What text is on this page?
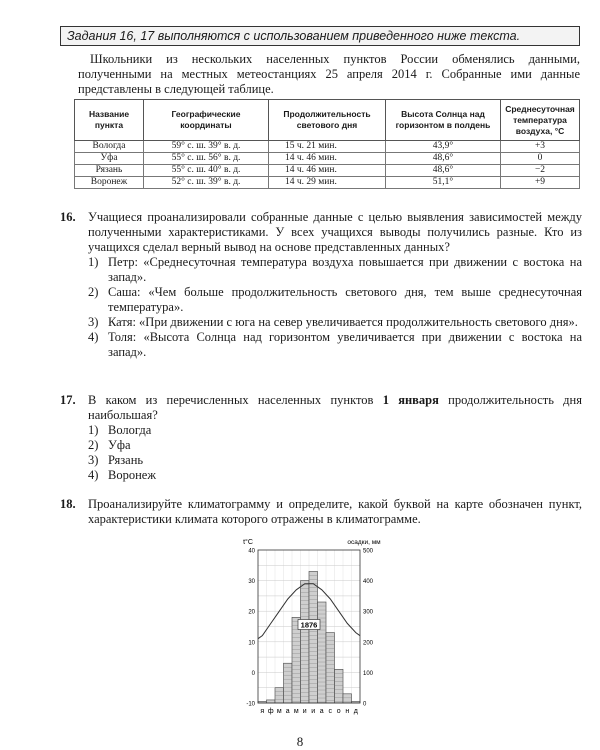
Задания 16, 17 выполняются с использованием приведенного ниже текста.
Школьники из нескольких населенных пунктов России обменялись данными, полученными на местных метеостанциях 25 апреля 2014 г. Собранные ими данные представлены в следующей таблице.
Название пункта	Географические координаты	Продолжительность светового дня	Высота Солнца над горизонтом в полдень	Среднесуточная температура воздуха, °С
Вологда	59° с. ш. 39° в. д.	15 ч. 21 мин.	43,9°	+3
Уфа	55° с. ш. 56° в. д.	14 ч. 46 мин.	48,6°	0
Рязань	55° с. ш. 40° в. д.	14 ч. 46 мин.	48,6°	−2
Воронеж	52° с. ш. 39° в. д.	14 ч. 29 мин.	51,1°	+9
16. Учащиеся проанализировали собранные данные с целью выявления зависимостей между полученными характеристиками. У всех учащихся выводы получились разные. Кто из учащихся сделал верный вывод на основе представленных данных?
1) Петр: «Среднесуточная температура воздуха повышается при движении с востока на запад».
2) Саша: «Чем больше продолжительность светового дня, тем выше среднесуточная температура».
3) Катя: «При движении с юга на север увеличивается продолжительность светового дня».
4) Толя: «Высота Солнца над горизонтом увеличивается при движении с востока на запад».
17. В каком из перечисленных населенных пунктов 1 января продолжительность дня наибольшая?
1) Вологда
2) Уфа
3) Рязань
4) Воронеж
18. Проанализируйте климатограмму и определите, какой буквой на карте обозначен пункт, характеристики климата которого отражены в климатограмме.
t°C	осадки, мм
40
30
20
10
0
-10
500
400
300
200
100
0
я ф м а м и и а с о н д
1876
8
